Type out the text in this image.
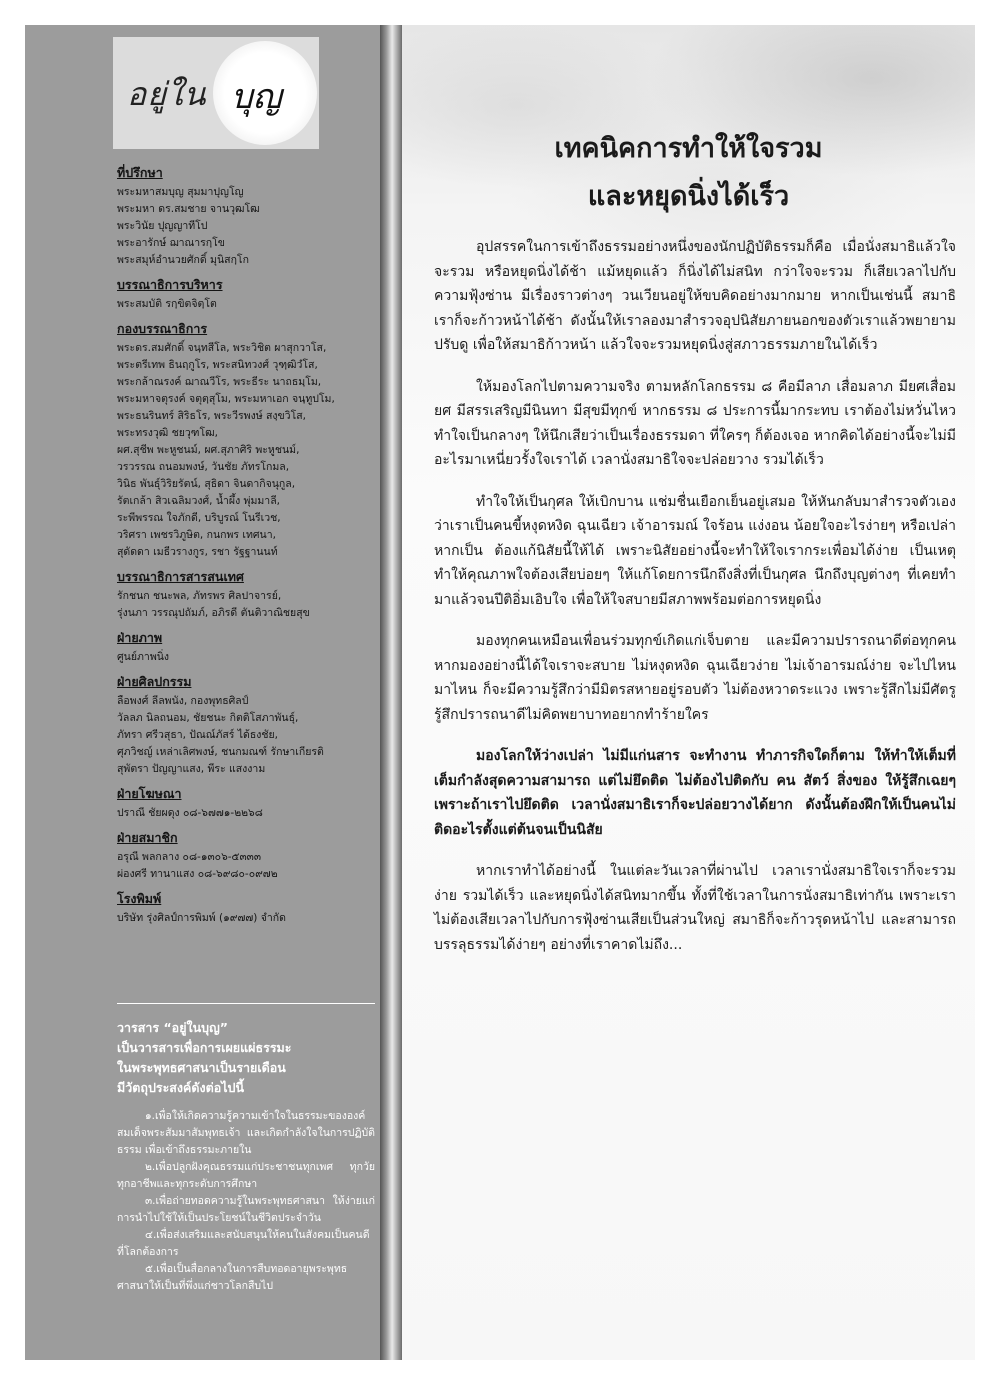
อยู่ใน บุญ
ที่ปรึกษา
พระมหาสมบุญ สุมมาปุญโญ
พระมหา ดร.สมชาย จานวุฒโฒ
พระวินัย ปุญญาทีโป
พระอารักษ์ ฌาณารกฺโข
พระสมุห์อำนวยศักดิ์ มุนิสกฺโก
บรรณาธิการบริหาร
พระสมบัติ รกฺขิตจิตฺโต
กองบรรณาธิการ
พระดร.สมศักดิ์ จนฺทสีโล, พระวิชิต ผาสุกวาโส,
พระตรีเทพ ธินฤกูโร, พระสนิทวงศ์ วุฑฺฒิวํโส,
พระกล้าณรงค์ ฌาณวีโร, พระธีระ นาถธมฺโม,
พระมหาจตุรงค์ จตุตฺสุโม, พระมหาเอก จนฺทูปโม,
พระธนรินทร์ สิริธโร, พระวีรพงษ์ สงฺขวิโส,
พระทรงวุฒิ ชยวุฑโฒ,
ผศ.สุชีพ พะหูชนม์, ผศ.สุภาศิริ พะหูชนม์,
วรวรรณ ถนอมพงษ์, วันชัย ภัทรโกมล,
วินิธ พันธุ์วิริยรัตน์, สุธิดา จินดากิจนุกูล,
รัตเกล้า สิวเฉลิมวงศ์, น้ำผึ้ง พุ่มมาลี,
ระพีพรรณ ใจภักดี, บริบูรณ์ โนรีเวช,
วริศรา เพชรวิภูษิต, กนกพร เทศนา,
สุดัดดา เมธีวรางกูร, รชา รัฐฐานนท์
บรรณาธิการสารสนเทศ
รักชนก ชนะพล, ภัทรพร ศิลปาจารย์,
รุ่งนภา วรรณุปถัมภ์, อภิรดี ตันติวาณิชยสุข
ฝ่ายภาพ
ศูนย์ภาพนิ่ง
ฝ่ายศิลปกรรม
ลือพงศ์ ลีลพนัง, กองพุทธศิลป์
วัลลภ นิลถนอม, ชัยชนะ กิตติโสภาพันธุ์,
ภัทรา ศรีวสุธา, ปัณณ์ภัสร์ ได้ธงชัย,
ศุภวิชญ์ เหล่าเลิศพงษ์, ชนกมณฑ์ รักษาเกียรติ
สุพัตรา ปัญญาแสง, พีระ แสงงาม
ฝ่ายโฆษณา
ปราณี ชัยผดุง ๐๘-๖๗๗๑-๒๒๖๘
ฝ่ายสมาชิก
อรุณี พลกลาง ๐๘-๑๓๐๖-๕๓๓๓
ผ่องศรี ทานาแสง ๐๘-๖๙๘๐-๐๙๗๒
โรงพิมพ์
บริษัท รุ่งศิลป์การพิมพ์ (๑๙๗๗) จำกัด
วารสาร “อยู่ในบุญ”
เป็นวารสารเพื่อการเผยแผ่ธรรมะ
ในพระพุทธศาสนาเป็นรายเดือน
มีวัตถุประสงค์ดังต่อไปนี้
๑.เพื่อให้เกิดความรู้ความเข้าใจในธรรมะขององค์สมเด็จพระสัมมาสัมพุทธเจ้า และเกิดกำลังใจในการปฏิบัติธรรม เพื่อเข้าถึงธรรมะภายใน
๒.เพื่อปลูกฝังคุณธรรมแก่ประชาชนทุกเพศ ทุกวัย ทุกอาชีพและทุกระดับการศึกษา
๓.เพื่อถ่ายทอดความรู้ในพระพุทธศาสนา ให้ง่ายแก่การนำไปใช้ให้เป็นประโยชน์ในชีวิตประจำวัน
๔.เพื่อส่งเสริมและสนับสนุนให้คนในสังคมเป็นคนดีที่โลกต้องการ
๕.เพื่อเป็นสื่อกลางในการสืบทอดอายุพระพุทธศาสนาให้เป็นที่พึ่งแก่ชาวโลกสืบไป
เทคนิคการทำให้ใจรวม
และหยุดนิ่งได้เร็ว

อุปสรรคในการเข้าถึงธรรมอย่างหนึ่งของนักปฏิบัติธรรมก็คือ เมื่อนั่งสมาธิแล้วใจจะรวม หรือหยุดนิ่งได้ช้า แม้หยุดแล้ว ก็นิ่งได้ไม่สนิท กว่าใจจะรวม ก็เสียเวลาไปกับความฟุ้งซ่าน มีเรื่องราวต่างๆ วนเวียนอยู่ให้ขบคิดอย่างมากมาย หากเป็นเช่นนี้ สมาธิเราก็จะก้าวหน้าได้ช้า ดังนั้นให้เราลองมาสำรวจอุปนิสัยภายนอกของตัวเราแล้วพยายามปรับดู เพื่อให้สมาธิก้าวหน้า แล้วใจจะรวมหยุดนิ่งสู่สภาวธรรมภายในได้เร็ว

ให้มองโลกไปตามความจริง ตามหลักโลกธรรม ๘ คือมีลาภ เสื่อมลาภ มียศเสื่อมยศ มีสรรเสริญมีนินทา มีสุขมีทุกข์ หากธรรม ๘ ประการนี้มากระทบ เราต้องไม่หวั่นไหว ทำใจเป็นกลางๆ ให้นึกเสียว่าเป็นเรื่องธรรมดา ที่ใครๆ ก็ต้องเจอ หากคิดได้อย่างนี้จะไม่มีอะไรมาเหนี่ยวรั้งใจเราได้ เวลานั่งสมาธิใจจะปล่อยวาง รวมได้เร็ว

ทำใจให้เป็นกุศล ให้เบิกบาน แช่มชื่นเยือกเย็นอยู่เสมอ ให้หันกลับมาสำรวจตัวเองว่าเราเป็นคนขี้หงุดหงิด ฉุนเฉียว เจ้าอารมณ์ ใจร้อน แง่งอน น้อยใจอะไรง่ายๆ หรือเปล่า หากเป็น ต้องแก้นิสัยนี้ให้ได้ เพราะนิสัยอย่างนี้จะทำให้ใจเรากระเพื่อมได้ง่าย เป็นเหตุทำให้คุณภาพใจต้องเสียบ่อยๆ ให้แก้โดยการนึกถึงสิ่งที่เป็นกุศล นึกถึงบุญต่างๆ ที่เคยทำมาแล้วจนปีติอิ่มเอิบใจ เพื่อให้ใจสบายมีสภาพพร้อมต่อการหยุดนิ่ง

มองทุกคนเหมือนเพื่อนร่วมทุกข์เกิดแก่เจ็บตาย และมีความปรารถนาดีต่อทุกคน หากมองอย่างนี้ได้ใจเราจะสบาย ไม่หงุดหงิด ฉุนเฉียวง่าย ไม่เจ้าอารมณ์ง่าย จะไปไหนมาไหน ก็จะมีความรู้สึกว่ามีมิตรสหายอยู่รอบตัว ไม่ต้องหวาดระแวง เพราะรู้สึกไม่มีศัตรู รู้สึกปรารถนาดีไม่คิดพยาบาทอยากทำร้ายใคร

มองโลกให้ว่างเปล่า ไม่มีแก่นสาร จะทำงาน ทำภารกิจใดก็ตาม ให้ทำให้เต็มที่ เต็มกำลังสุดความสามารถ แต่ไม่ยึดติด ไม่ต้องไปติดกับ คน สัตว์ สิ่งของ ให้รู้สึกเฉยๆ เพราะถ้าเราไปยึดติด เวลานั่งสมาธิเราก็จะปล่อยวางได้ยาก ดังนั้นต้องฝึกให้เป็นคนไม่ติดอะไรตั้งแต่ต้นจนเป็นนิสัย

หากเราทำได้อย่างนี้ ในแต่ละวันเวลาที่ผ่านไป เวลาเรานั่งสมาธิใจเราก็จะรวมง่าย รวมได้เร็ว และหยุดนิ่งได้สนิทมากขึ้น ทั้งที่ใช้เวลาในการนั่งสมาธิเท่ากัน เพราะเราไม่ต้องเสียเวลาไปกับการฟุ้งซ่านเสียเป็นส่วนใหญ่ สมาธิก็จะก้าวรุดหน้าไป และสามารถบรรลุธรรมได้ง่ายๆ อย่างที่เราคาดไม่ถึง...
